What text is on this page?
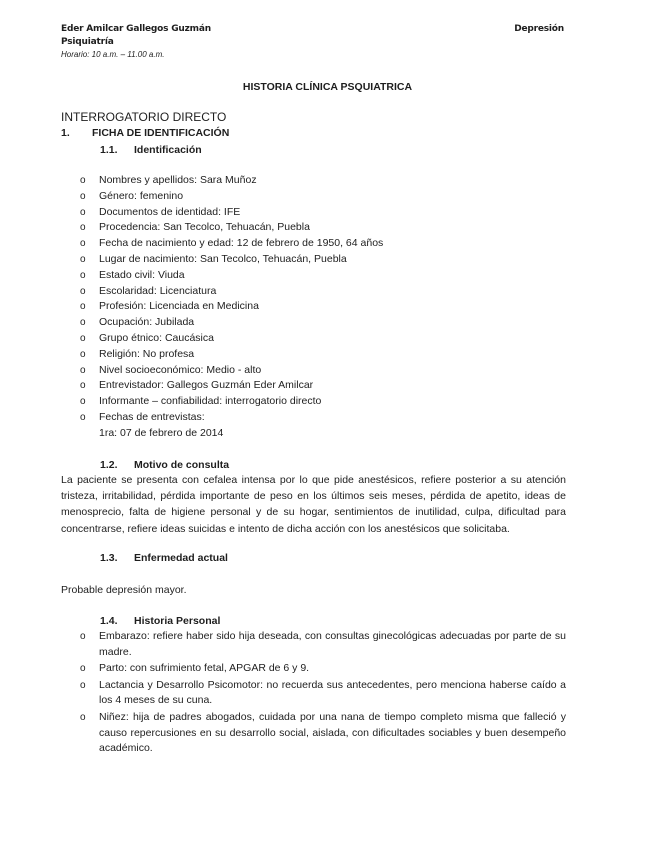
Eder Amilcar Gallegos Guzmán
Psiquiatría
Horario: 10 a.m. – 11.00 a.m.
Depresión
HISTORIA CLÍNICA PSQUIATRICA
INTERROGATORIO DIRECTO
1. FICHA DE IDENTIFICACIÓN
1.1. Identificación
o Nombres y apellidos: Sara Muñoz
o Género: femenino
o Documentos de identidad: IFE
o Procedencia: San Tecolco, Tehuacán, Puebla
o Fecha de nacimiento y edad: 12 de febrero de 1950, 64 años
o Lugar de nacimiento: San Tecolco, Tehuacán, Puebla
o Estado civil: Viuda
o Escolaridad: Licenciatura
o Profesión: Licenciada en Medicina
o Ocupación: Jubilada
o Grupo étnico: Caucásica
o Religión: No profesa
o Nivel socioeconómico: Medio - alto
o Entrevistador: Gallegos Guzmán Eder Amilcar
o Informante – confiabilidad: interrogatorio directo
o Fechas de entrevistas:
1ra: 07 de febrero de 2014
1.2. Motivo de consulta
La paciente se presenta con cefalea intensa por lo que pide anestésicos, refiere posterior a su atención tristeza, irritabilidad, pérdida importante de peso en los últimos seis meses, pérdida de apetito, ideas de menosprecio, falta de higiene personal y de su hogar, sentimientos de inutilidad, culpa, dificultad para concentrarse, refiere ideas suicidas e intento de dicha acción con los anestésicos que solicitaba.
1.3. Enfermedad actual
Probable depresión mayor.
1.4. Historia Personal
o Embarazo: refiere haber sido hija deseada, con consultas ginecológicas adecuadas por parte de su madre.
o Parto: con sufrimiento fetal, APGAR de 6 y 9.
o Lactancia y Desarrollo Psicomotor: no recuerda sus antecedentes, pero menciona haberse caído a los 4 meses de su cuna.
o Niñez: hija de padres abogados, cuidada por una nana de tiempo completo misma que falleció y causo repercusiones en su desarrollo social, aislada, con dificultades sociables y buen desempeño académico.
